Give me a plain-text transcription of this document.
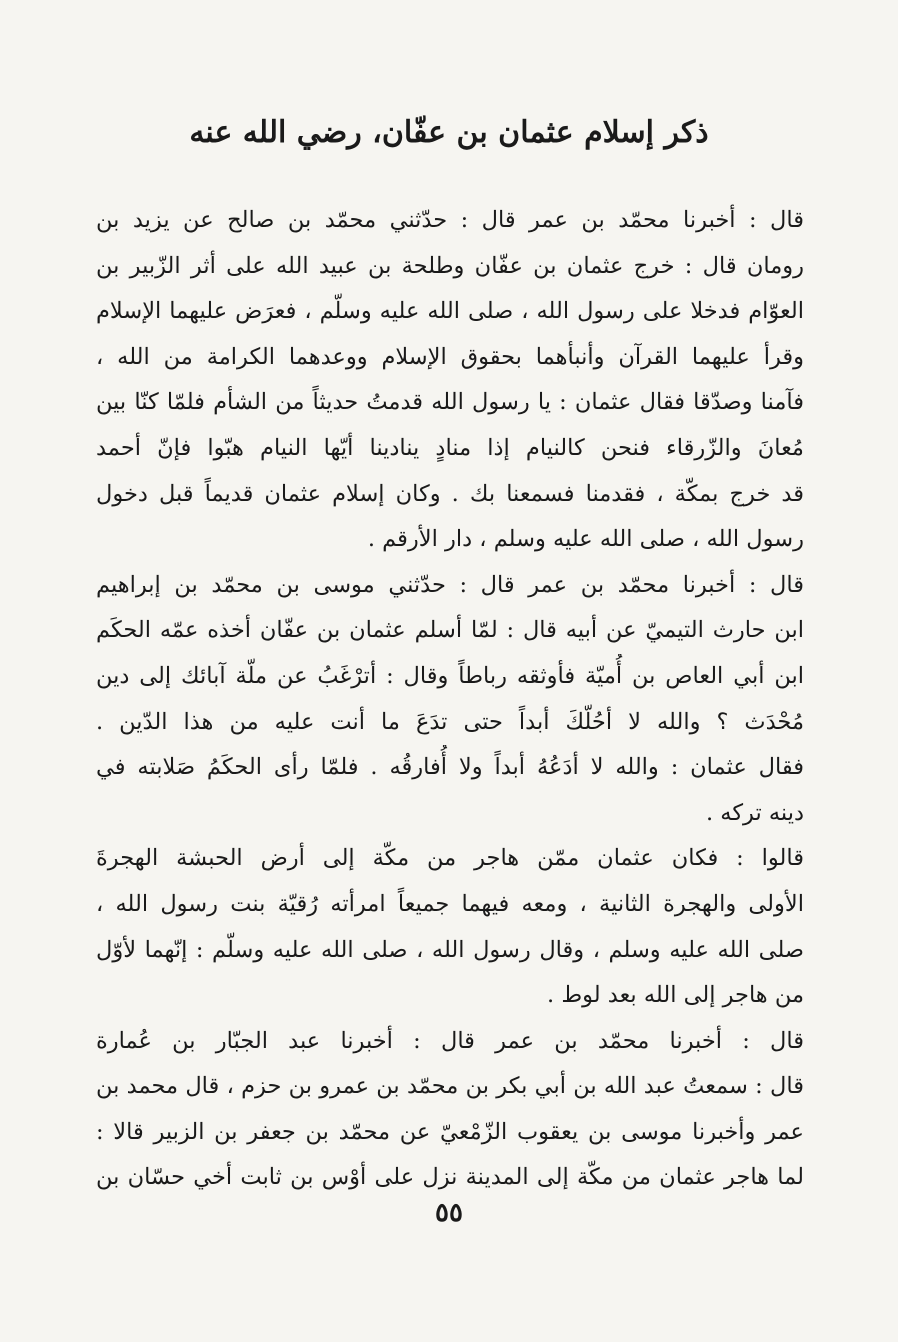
ذكر إسلام عثمان بن عفّان، رضي الله عنه
قال : أخبرنا محمّد بن عمر قال : حدّثني محمّد بن صالح عن يزيد بن
رومان قال : خرج عثمان بن عفّان وطلحة بن عبيد الله على أثر الزّبير بن
العوّام فدخلا على رسول الله ، صلى الله عليه وسلّم ، فعرَض عليهما الإسلام
وقرأ عليهما القرآن وأنبأهما بحقوق الإسلام ووعدهما الكرامة من الله ،
فآمنا وصدّقا فقال عثمان : يا رسول الله قدمتُ حديثاً من الشأم فلمّا كنّا بين
مُعانَ والزّرقاء فنحن كالنيام إذا منادٍ ينادينا أيّها النيام هبّوا فإنّ أحمد
قد خرج بمكّة ، فقدمنا فسمعنا بك . وكان إسلام عثمان قديماً قبل دخول
رسول الله ، صلى الله عليه وسلم ، دار الأرقم .
قال : أخبرنا محمّد بن عمر قال : حدّثني موسى بن محمّد بن إبراهيم
ابن حارث التيميّ عن أبيه قال : لمّا أسلم عثمان بن عفّان أخذه عمّه الحكَم
ابن أبي العاص بن أُميّة فأوثقه رباطاً وقال : أترْغَبُ عن ملّة آبائك إلى دين
مُحْدَث ؟ والله لا أحُلّكَ أبداً حتى تدَعَ ما أنت عليه من هذا الدّين .
فقال عثمان : والله لا أدَعُهُ أبداً ولا أُفارقُه . فلمّا رأى الحكَمُ صَلابته في
دينه تركه .
قالوا : فكان عثمان ممّن هاجر من مكّة إلى أرض الحبشة الهجرةَ
الأولى والهجرة الثانية ، ومعه فيهما جميعاً امرأته رُقيّة بنت رسول الله ،
صلى الله عليه وسلم ، وقال رسول الله ، صلى الله عليه وسلّم : إنّهما لأوّل
من هاجر إلى الله بعد لوط .
قال : أخبرنا محمّد بن عمر قال : أخبرنا عبد الجبّار بن عُمارة
قال : سمعتُ عبد الله بن أبي بكر بن محمّد بن عمرو بن حزم ، قال محمد بن
عمر وأخبرنا موسى بن يعقوب الزّمْعيّ عن محمّد بن جعفر بن الزبير قالا :
لما هاجر عثمان من مكّة إلى المدينة نزل على أوْس بن ثابت أخي حسّان بن
٥٥
